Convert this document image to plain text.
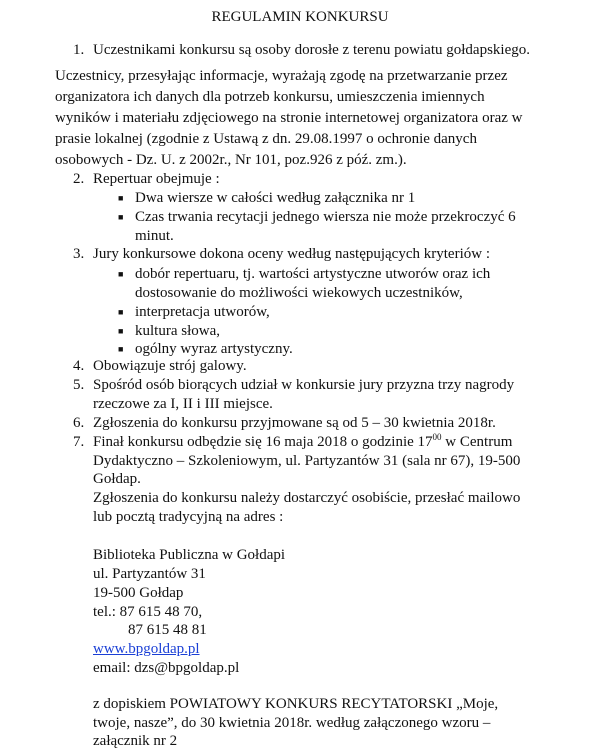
REGULAMIN KONKURSU
1. Uczestnikami konkursu są osoby dorosłe z terenu powiatu gołdapskiego.
Uczestnicy, przesyłając informacje, wyrażają zgodę na przetwarzanie przez
organizatora ich danych dla potrzeb konkursu, umieszczenia imiennych
wyników i materiału zdjęciowego na stronie internetowej organizatora oraz w
prasie lokalnej (zgodnie z Ustawą z dn. 29.08.1997 o ochronie danych
osobowych - Dz. U. z 2002r., Nr 101, poz.926 z póź. zm.).
2. Repertuar obejmuje :
■ Dwa wiersze w całości według załącznika nr 1
■ Czas trwania recytacji jednego wiersza nie może przekroczyć 6
minut.
3. Jury konkursowe dokona oceny według następujących kryteriów :
■ dobór repertuaru, tj. wartości artystyczne utworów oraz ich
dostosowanie do możliwości wiekowych uczestników,
■ interpretacja utworów,
■ kultura słowa,
■ ogólny wyraz artystyczny.
4. Obowiązuje strój galowy.
5. Spośród osób biorących udział w konkursie jury przyzna trzy nagrody
rzeczowe za I, II i III miejsce.
6. Zgłoszenia do konkursu przyjmowane są od 5 – 30 kwietnia 2018r.
7. Finał konkursu odbędzie się 16 maja 2018 o godzinie $17^{00}$ w Centrum
Dydaktyczno – Szkoleniowym, ul. Partyzantów 31 (sala nr 67), 19-500
Gołdap.
Zgłoszenia do konkursu należy dostarczyć osobiście, przesłać mailowo
lub pocztą tradycyjną na adres :
Biblioteka Publiczna w Gołdapi
ul. Partyzantów 31
19-500 Gołdap
tel.: 87 615 48 70,
87 615 48 81
www.bpgoldap.pl
email: dzs@bpgoldap.pl
z dopiskiem POWIATOWY KONKURS RECYTATORSKI „Moje,
twoje, nasze”, do 30 kwietnia 2018r. według załączonego wzoru –
załącznik nr 2
